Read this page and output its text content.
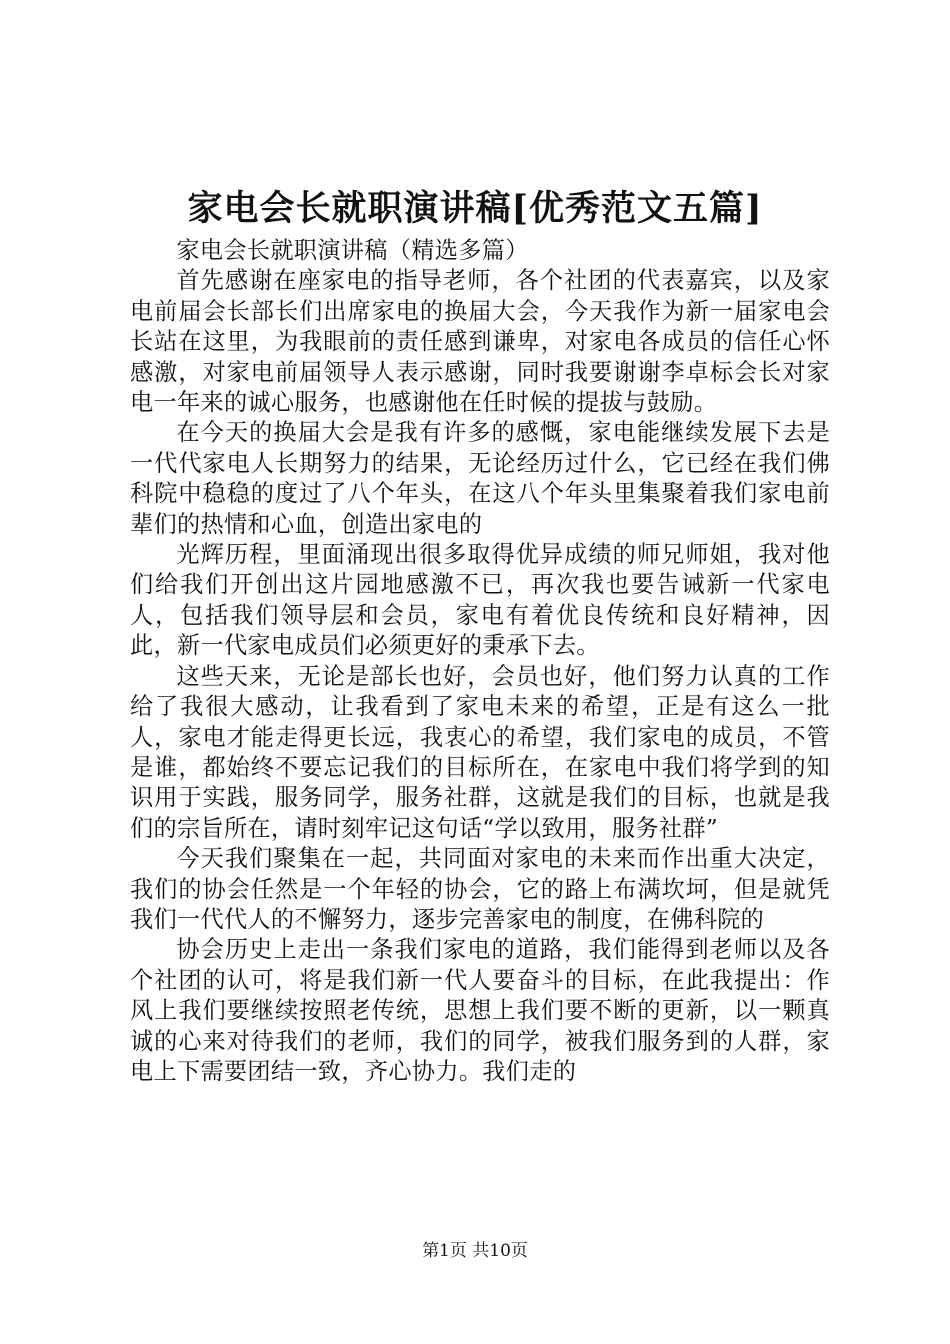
家电会长就职演讲稿[优秀范文五篇]

家电会长就职演讲稿（精选多篇）

首先感谢在座家电的指导老师，各个社团的代表嘉宾，以及家电前届会长部长们出席家电的换届大会，今天我作为新一届家电会长站在这里，为我眼前的责任感到谦卑，对家电各成员的信任心怀感激，对家电前届领导人表示感谢，同时我要谢谢李卓标会长对家电一年来的诚心服务，也感谢他在任时候的提拔与鼓励。

在今天的换届大会是我有许多的感慨，家电能继续发展下去是一代代家电人长期努力的结果，无论经历过什么，它已经在我们佛科院中稳稳的度过了八个年头，在这八个年头里集聚着我们家电前辈们的热情和心血，创造出家电的

光辉历程，里面涌现出很多取得优异成绩的师兄师姐，我对他们给我们开创出这片园地感激不已，再次我也要告诫新一代家电人，包括我们领导层和会员，家电有着优良传统和良好精神，因此，新一代家电成员们必须更好的秉承下去。

这些天来，无论是部长也好，会员也好，他们努力认真的工作给了我很大感动，让我看到了家电未来的希望，正是有这么一批人，家电才能走得更长远，我衷心的希望，我们家电的成员，不管是谁，都始终不要忘记我们的目标所在，在家电中我们将学到的知识用于实践，服务同学，服务社群，这就是我们的目标，也就是我们的宗旨所在，请时刻牢记这句话“学以致用，服务社群”

今天我们聚集在一起，共同面对家电的未来而作出重大决定，我们的协会任然是一个年轻的协会，它的路上布满坎坷，但是就凭我们一代代人的不懈努力，逐步完善家电的制度，在佛科院的

协会历史上走出一条我们家电的道路，我们能得到老师以及各个社团的认可，将是我们新一代人要奋斗的目标，在此我提出：作风上我们要继续按照老传统，思想上我们要不断的更新，以一颗真诚的心来对待我们的老师，我们的同学，被我们服务到的人群，家电上下需要团结一致，齐心协力。我们走的

第1页 共10页
